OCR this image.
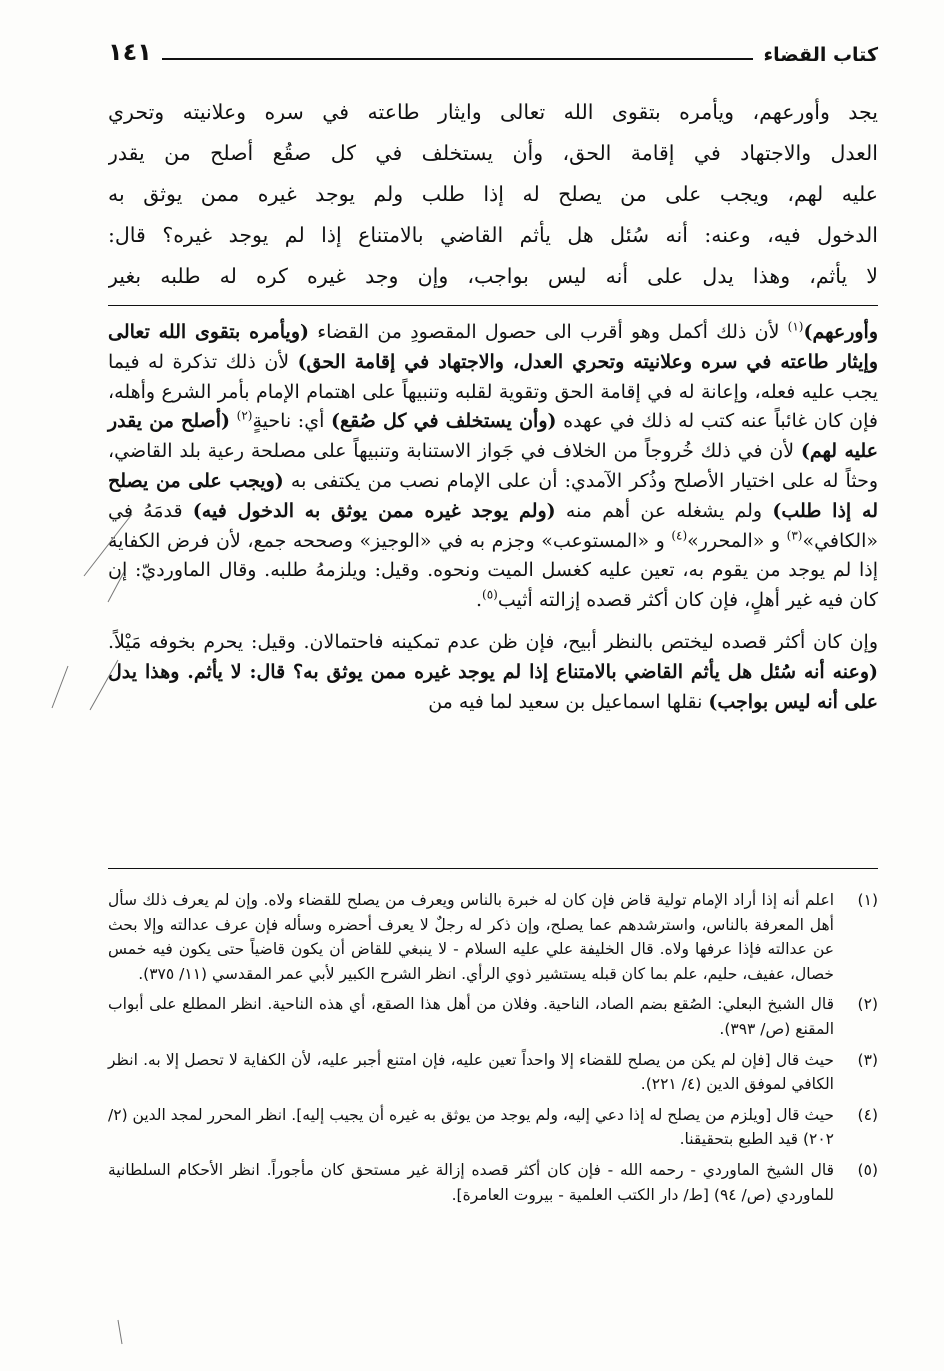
كتاب القضاء
١٤١
يجد وأورعهم، ويأمره بتقوى الله تعالى وايثار طاعته في سره وعلانيته وتحري
العدل والاجتهاد في إقامة الحق، وأن يستخلف في كل صقُع أصلح من يقدر
عليه لهم، ويجب على من يصلح له إذا طلب ولم يوجد غيره ممن يوثق به
الدخول فيه، وعنه: أنه سُئل هل يأثم القاضي بالامتناع إذا لم يوجد غيره؟ قال:
لا يأثم، وهذا يدل على أنه ليس بواجب، وإن وجد غيره كره له طلبه بغير

وأورعهم)$^{(١)}$ لأن ذلك أكمل وهو أقرب الى حصول المقصودِ من القضاء (ويأمره بتقوى الله تعالى وإيثار طاعته في سره وعلانيته وتحري العدل، والاجتهاد في إقامة الحق) لأن ذلك تذكرة له فيما يجب عليه فعله، وإعانة له في إقامة الحق وتقوية لقلبه وتنبيهاً على اهتمام الإمام بأمر الشرع وأهله، فإن كان غائباً عنه كتب له ذلك في عهده (وأن يستخلف في كل صُقع) أي: ناحيةٍ$^{(٢)}$ (أصلح من يقدر عليه لهم) لأن في ذلك خُروجاً من الخلاف في جَواز الاستنابة وتنبيهاً على مصلحة رعية بلد القاضي، وحثاً له على اختيار الأصلح وذُكر الآمدي: أن على الإمام نصب من يكتفى به (ويجب على من يصلح له إذا طلب) ولم يشغله عن أهم منه (ولم يوجد غيره ممن يوثق به الدخول فيه) قدمَهُ في «الكافي»$^{(٣)}$ و «المحرر»$^{(٤)}$ و «المستوعب» وجزم به في «الوجيز» وصححه جمع، لأن فرض الكفاية إذا لم يوجد من يقوم به، تعين عليه كغسل الميت ونحوه. وقيل: ويلزمهُ طلبه. وقال الماورديّ: إن كان فيه غير أهلٍ، فإن كان أكثر قصده إزالته أثيب$^{(٥)}$.

وإن كان أكثر قصده ليختص بالنظر أبيح، فإن ظن عدم تمكينه فاحتمالان. وقيل: يحرم بخوفه مَيْلاً. (وعنه أنه سُئل هل يأثم القاضي بالامتناع إذا لم يوجد غيره ممن يوثق به؟ قال: لا يأثم. وهذا يدل على أنه ليس بواجب) نقلها اسماعيل بن سعيد لما فيه من

(١)
اعلم أنه إذا أراد الإمام تولية قاض فإن كان له خبرة بالناس ويعرف من يصلح للقضاء ولاه. وإن لم يعرف ذلك سأل أهل المعرفة بالناس، واسترشدهم عما يصلح، وإن ذكر له رجلٌ لا يعرف أحضره وسأله فإن عرف عدالته وإلا بحث عن عدالته فإذا عرفها ولاه. قال الخليفة علي عليه السلام - لا ينبغي للقاض أن يكون قاضياً حتى يكون فيه خمس خصال، عفيف، حليم، علم بما كان قبله يستشير ذوي الرأي. انظر الشرح الكبير لأبي عمر المقدسي (١١/ ٣٧٥).
(٢)
قال الشيخ البعلي: الصُقع بضم الصاد، الناحية. وفلان من أهل هذا الصقع، أي هذه الناحية. انظر المطلع على أبواب المقنع (ص/ ٣٩٣).
(٣)
حيث قال [فإن لم يكن من يصلح للقضاء إلا واحداً تعين عليه، فإن امتنع أجبر عليه، لأن الكفاية لا تحصل إلا به. انظر الكافي لموفق الدين (٤/ ٢٢١).
(٤)
حيث قال [ويلزم من يصلح له إذا دعي إليه، ولم يوجد من يوثق به غيره أن يجيب إليه]. انظر المحرر لمجد الدين (٢/ ٢٠٢) قيد الطبع بتحقيقنا.
(٥)
قال الشيخ الماوردي - رحمه الله - فإن كان أكثر قصده إزالة غير مستحق كان مأجوراً. انظر الأحكام السلطانية للماوردي (ص/ ٩٤) [ط/ دار الكتب العلمية - بيروت العامرة].
